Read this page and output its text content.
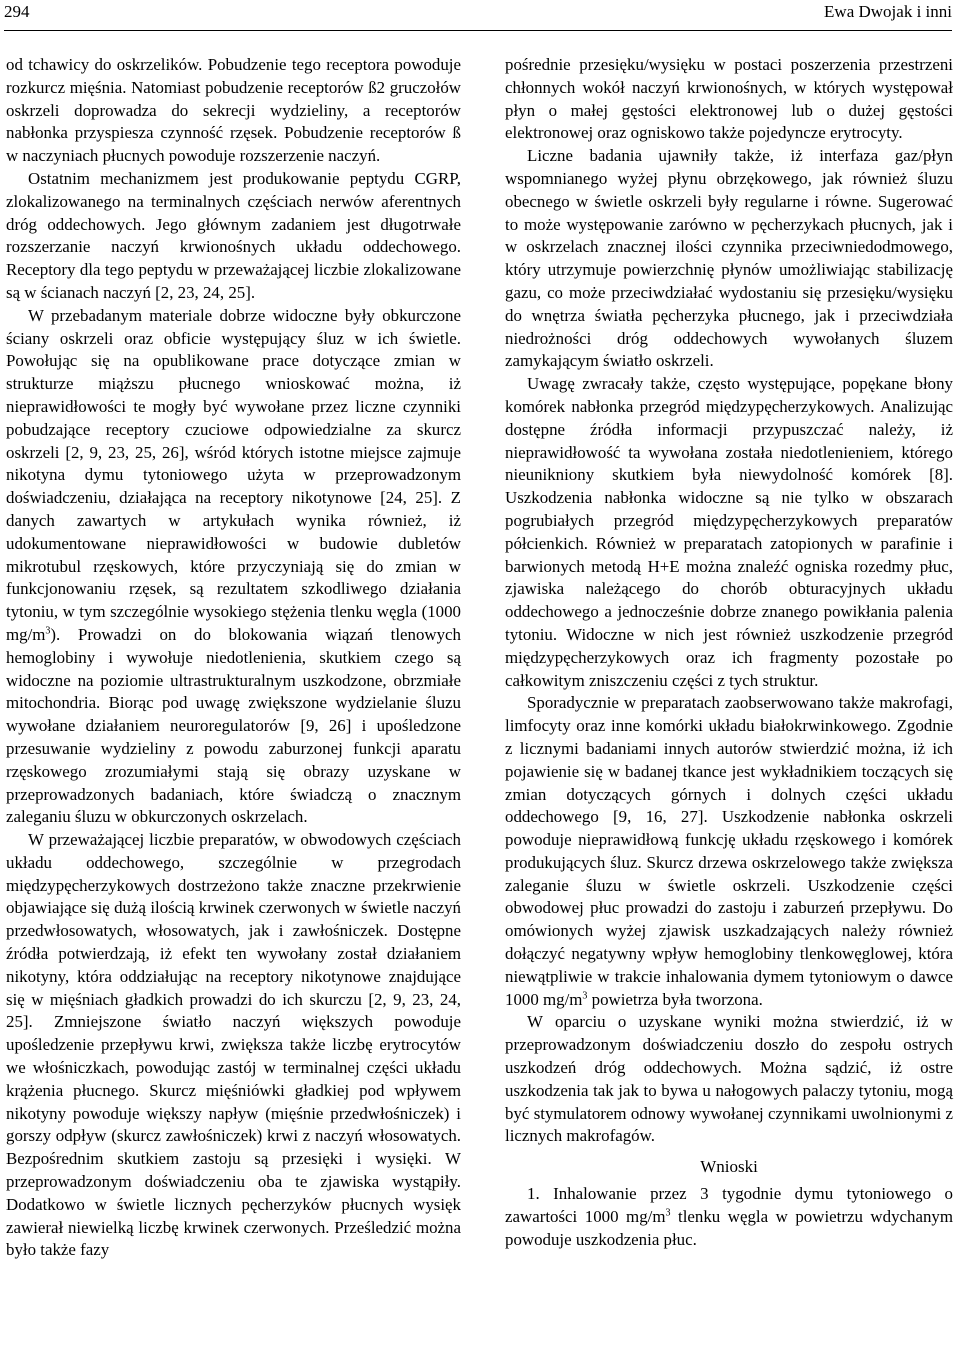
294	Ewa Dwojak i inni

od tchawicy do oskrzelików. Pobudzenie tego receptora powoduje rozkurcz mięśnia. Natomiast pobudzenie receptorów ß2 gruczołów oskrzeli doprowadza do sekrecji wydzieliny, a receptorów nabłonka przyspiesza czynność rzęsek. Pobudzenie receptorów ß w naczyniach płucnych powoduje rozszerzenie naczyń.

Ostatnim mechanizmem jest produkowanie peptydu CGRP, zlokalizowanego na terminalnych częściach nerwów aferentnych dróg oddechowych. Jego głównym zadaniem jest długotrwałe rozszerzanie naczyń krwionośnych układu oddechowego. Receptory dla tego peptydu w przeważającej liczbie zlokalizowane są w ścianach naczyń [2, 23, 24, 25].

W przebadanym materiale dobrze widoczne były obkurczone ściany oskrzeli oraz obficie występujący śluz w ich świetle. Powołując się na opublikowane prace dotyczące zmian w strukturze miąższu płucnego wnioskować można, iż nieprawidłowości te mogły być wywołane przez liczne czynniki pobudzające receptory czuciowe odpowiedzialne za skurcz oskrzeli [2, 9, 23, 25, 26], wśród których istotne miejsce zajmuje nikotyna dymu tytoniowego użyta w przeprowadzonym doświadczeniu, działająca na receptory nikotynowe [24, 25]. Z danych zawartych w artykułach wynika również, iż udokumentowane nieprawidłowości w budowie dubletów mikrotubul rzęskowych, które przyczyniają się do zmian w funkcjonowaniu rzęsek, są rezultatem szkodliwego działania tytoniu, w tym szczególnie wysokiego stężenia tlenku węgla (1000 $mg/m^3$). Prowadzi on do blokowania wiązań tlenowych hemoglobiny i wywołuje niedotlenienia, skutkiem czego są widoczne na poziomie ultrastrukturalnym uszkodzone, obrzmiałe mitochondria. Biorąc pod uwagę zwiększone wydzielanie śluzu wywołane działaniem neuroregulatorów [9, 26] i upośledzone przesuwanie wydzieliny z powodu zaburzonej funkcji aparatu rzęskowego zrozumiałymi stają się obrazy uzyskane w przeprowadzonych badaniach, które świadczą o znacznym zaleganiu śluzu w obkurczonych oskrzelach.

W przeważającej liczbie preparatów, w obwodowych częściach układu oddechowego, szczególnie w przegrodach międzypęcherzykowych dostrzeżono także znaczne przekrwienie objawiające się dużą ilością krwinek czerwonych w świetle naczyń przedwłosowatych, włosowatych, jak i zawłośniczek. Dostępne źródła potwierdzają, iż efekt ten wywołany został działaniem nikotyny, która oddziałując na receptory nikotynowe znajdujące się w mięśniach gładkich prowadzi do ich skurczu [2, 9, 23, 24, 25]. Zmniejszone światło naczyń większych powoduje upośledzenie przepływu krwi, zwiększa także liczbę erytrocytów we włośniczkach, powodując zastój w terminalnej części układu krążenia płucnego. Skurcz mięśniówki gładkiej pod wpływem nikotyny powoduje większy napływ (mięśnie przedwłośniczek) i gorszy odpływ (skurcz zawłośniczek) krwi z naczyń włosowatych. Bezpośrednim skutkiem zastoju są przesięki i wysięki. W przeprowadzonym doświadczeniu oba te zjawiska wystąpiły. Dodatkowo w świetle licznych pęcherzyków płucnych wysięk zawierał niewielką liczbę krwinek czerwonych. Prześledzić można było także fazy

pośrednie przesięku/wysięku w postaci poszerzenia przestrzeni chłonnych wokół naczyń krwionośnych, w których występował płyn o małej gęstości elektronowej lub o dużej gęstości elektronowej oraz ogniskowo także pojedyncze erytrocyty.

Liczne badania ujawniły także, iż interfaza gaz/płyn wspomnianego wyżej płynu obrzękowego, jak również śluzu obecnego w świetle oskrzeli były regularne i równe. Sugerować to może występowanie zarówno w pęcherzykach płucnych, jak i w oskrzelach znacznej ilości czynnika przeciwniedodmowego, który utrzymuje powierzchnię płynów umożliwiając stabilizację gazu, co może przeciwdziałać wydostaniu się przesięku/wysięku do wnętrza światła pęcherzyka płucnego, jak i przeciwdziała niedrożności dróg oddechowych wywołanych śluzem zamykającym światło oskrzeli.

Uwagę zwracały także, często występujące, popękane błony komórek nabłonka przegród międzypęcherzykowych. Analizując dostępne źródła informacji przypuszczać należy, iż nieprawidłowość ta wywołana została niedotlenieniem, którego nieunikniony skutkiem była niewydolność komórek [8]. Uszkodzenia nabłonka widoczne są nie tylko w obszarach pogrubiałych przegród międzypęcherzykowych preparatów półcienkich. Również w preparatach zatopionych w parafinie i barwionych metodą H+E można znaleźć ogniska rozedmy płuc, zjawiska należącego do chorób obturacyjnych układu oddechowego a jednocześnie dobrze znanego powikłania palenia tytoniu. Widoczne w nich jest również uszkodzenie przegród międzypęcherzykowych oraz ich fragmenty pozostałe po całkowitym zniszczeniu części z tych struktur.

Sporadycznie w preparatach zaobserwowano także makrofagi, limfocyty oraz inne komórki układu białokrwinkowego. Zgodnie z licznymi badaniami innych autorów stwierdzić można, iż ich pojawienie się w badanej tkance jest wykładnikiem toczących się zmian dotyczących górnych i dolnych części układu oddechowego [9, 16, 27]. Uszkodzenie nabłonka oskrzeli powoduje nieprawidłową funkcję układu rzęskowego i komórek produkujących śluz. Skurcz drzewa oskrzelowego także zwiększa zaleganie śluzu w świetle oskrzeli. Uszkodzenie części obwodowej płuc prowadzi do zastoju i zaburzeń przepływu. Do omówionych wyżej zjawisk uszkadzających należy również dołączyć negatywny wpływ hemoglobiny tlenkowęglowej, która niewątpliwie w trakcie inhalowania dymem tytoniowym o dawce 1000 $mg/m^3$ powietrza była tworzona.

W oparciu o uzyskane wyniki można stwierdzić, iż w przeprowadzonym doświadczeniu doszło do zespołu ostrych uszkodzeń dróg oddechowych. Można sądzić, iż ostre uszkodzenia tak jak to bywa u nałogowych palaczy tytoniu, mogą być stymulatorem odnowy wywołanej czynnikami uwolnionymi z licznych makrofagów.

Wnioski

1. Inhalowanie przez 3 tygodnie dymu tytoniowego o zawartości 1000 $mg/m^3$ tlenku węgla w powietrzu wdychanym powoduje uszkodzenia płuc.
